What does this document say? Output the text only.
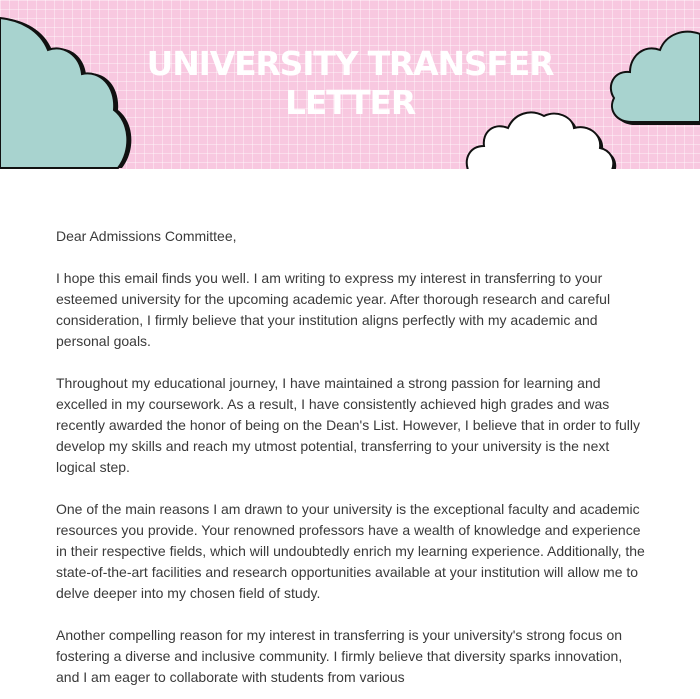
UNIVERSITY TRANSFER
LETTER

Dear Admissions Committee,

I hope this email finds you well. I am writing to express my interest in transferring to your esteemed university for the upcoming academic year. After thorough research and careful consideration, I firmly believe that your institution aligns perfectly with my academic and personal goals.

Throughout my educational journey, I have maintained a strong passion for learning and excelled in my coursework. As a result, I have consistently achieved high grades and was recently awarded the honor of being on the Dean's List. However, I believe that in order to fully develop my skills and reach my utmost potential, transferring to your university is the next logical step.

One of the main reasons I am drawn to your university is the exceptional faculty and academic resources you provide. Your renowned professors have a wealth of knowledge and experience in their respective fields, which will undoubtedly enrich my learning experience. Additionally, the state-of-the-art facilities and research opportunities available at your institution will allow me to delve deeper into my chosen field of study.

Another compelling reason for my interest in transferring is your university's strong focus on fostering a diverse and inclusive community. I firmly believe that diversity sparks innovation, and I am eager to collaborate with students from various
